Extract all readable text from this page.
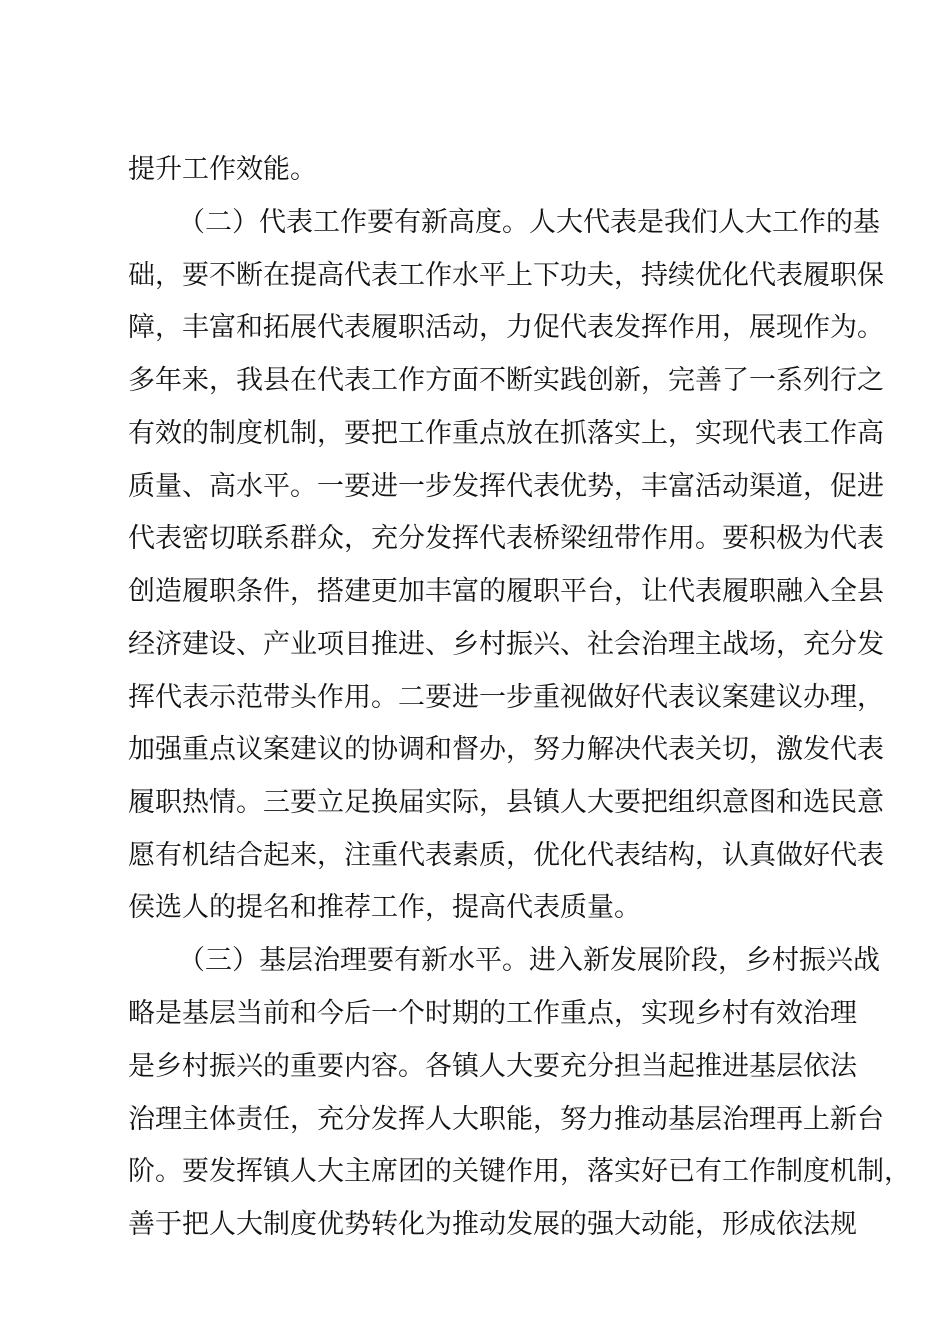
提升工作效能。
（二）代表工作要有新高度。人大代表是我们人大工作的基
础，要不断在提高代表工作水平上下功夫，持续优化代表履职保
障，丰富和拓展代表履职活动，力促代表发挥作用，展现作为。
多年来，我县在代表工作方面不断实践创新，完善了一系列行之
有效的制度机制，要把工作重点放在抓落实上，实现代表工作高
质量、高水平。一要进一步发挥代表优势，丰富活动渠道，促进
代表密切联系群众，充分发挥代表桥梁纽带作用。要积极为代表
创造履职条件，搭建更加丰富的履职平台，让代表履职融入全县
经济建设、产业项目推进、乡村振兴、社会治理主战场，充分发
挥代表示范带头作用。二要进一步重视做好代表议案建议办理，
加强重点议案建议的协调和督办，努力解决代表关切，激发代表
履职热情。三要立足换届实际，县镇人大要把组织意图和选民意
愿有机结合起来，注重代表素质，优化代表结构，认真做好代表
侯选人的提名和推荐工作，提高代表质量。
（三）基层治理要有新水平。进入新发展阶段，乡村振兴战
略是基层当前和今后一个时期的工作重点，实现乡村有效治理
是乡村振兴的重要内容。各镇人大要充分担当起推进基层依法
治理主体责任，充分发挥人大职能，努力推动基层治理再上新台
阶。要发挥镇人大主席团的关键作用，落实好已有工作制度机制，
善于把人大制度优势转化为推动发展的强大动能，形成依法规
